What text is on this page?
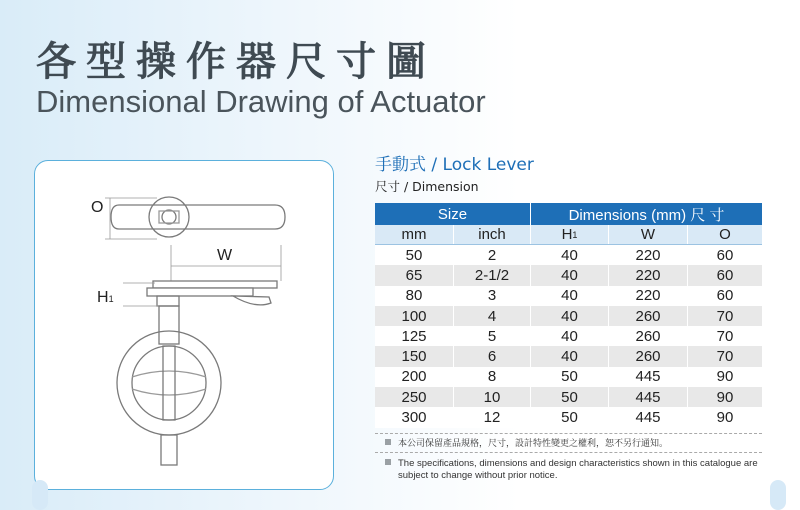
各型操作器尺寸圖
Dimensional Drawing of Actuator
O
W
H1
手動式 / Lock Lever
尺寸 / Dimension
Size		Dimensions (mm) 尺 寸		
mm	inch	$H_1$	W	O
50	2	40	220	60
65	2-1/2	40	220	60
80	3	40	220	60
100	4	40	260	70
125	5	40	260	70
150	6	40	260	70
200	8	50	445	90
250	10	50	445	90
300	12	50	445	90
本公司保留產品規格，尺寸，設計特性變更之權利，恕不另行通知。
The specifications, dimensions and design characteristics shown in this catalogue are subject to change without prior notice.
